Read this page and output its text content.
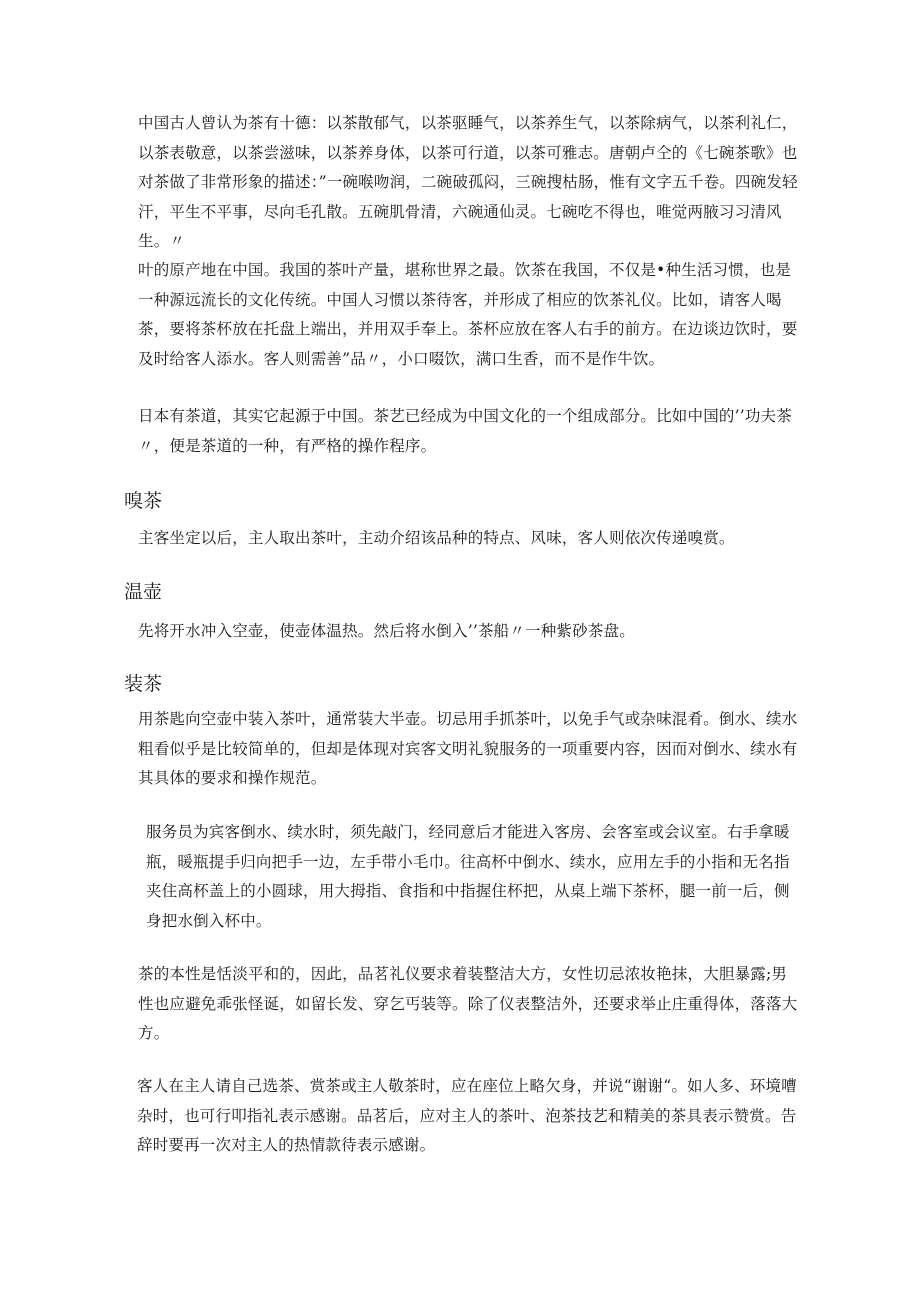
中国古人曾认为茶有十德：以茶散郁气，以茶驱睡气，以茶养生气，以茶除病气，以茶利礼仁，以茶表敬意，以茶尝滋味，以茶养身体，以茶可行道，以茶可雅志。唐朝卢仝的《七碗茶歌》也对茶做了非常形象的描述：”一碗喉吻润，二碗破孤闷，三碗搜枯肠，惟有文字五千卷。四碗发轻汗，平生不平事，尽向毛孔散。五碗肌骨清，六碗通仙灵。七碗吃不得也，唯觉两腋习习清风生。〃

叶的原产地在中国。我国的茶叶产量，堪称世界之最。饮茶在我国，不仅是•种生活习惯，也是一种源远流长的文化传统。中国人习惯以茶待客，并形成了相应的饮茶礼仪。比如，请客人喝茶，要将茶杯放在托盘上端出，并用双手奉上。茶杯应放在客人右手的前方。在边谈边饮时，要及时给客人添水。客人则需善”品〃，小口啜饮，满口生香，而不是作牛饮。

日本有茶道，其实它起源于中国。茶艺已经成为中国文化的一个组成部分。比如中国的’’功夫茶〃，便是茶道的一种，有严格的操作程序。

嗅茶

主客坐定以后，主人取出茶叶，主动介绍该品种的特点、风味，客人则依次传递嗅赏。

温壶

先将开水冲入空壶，使壶体温热。然后将水倒入’’茶船〃一种紫砂茶盘。

装茶

用茶匙向空壶中装入茶叶，通常装大半壶。切忌用手抓茶叶，以免手气或杂味混肴。倒水、续水粗看似乎是比较简单的，但却是体现对宾客文明礼貌服务的一项重要内容，因而对倒水、续水有其具体的要求和操作规范。

服务员为宾客倒水、续水时，须先敲门，经同意后才能进入客房、会客室或会议室。右手拿暖瓶，暖瓶提手归向把手一边，左手带小毛巾。往高杯中倒水、续水，应用左手的小指和无名指夹住高杯盖上的小圆球，用大拇指、食指和中指握住杯把，从桌上端下茶杯，腿一前一后，侧身把水倒入杯中。

茶的本性是恬淡平和的，因此，品茗礼仪要求着装整洁大方，女性切忌浓妆艳抹，大胆暴露;男性也应避免乖张怪诞，如留长发、穿乞丐装等。除了仪表整洁外，还要求举止庄重得体，落落大方。

客人在主人请自己选茶、赏茶或主人敬茶时，应在座位上略欠身，并说“谢谢“。如人多、环境嘈杂时，也可行叩指礼表示感谢。品茗后，应对主人的茶叶、泡茶技艺和精美的茶具表示赞赏。告辞时要再一次对主人的热情款待表示感谢。
